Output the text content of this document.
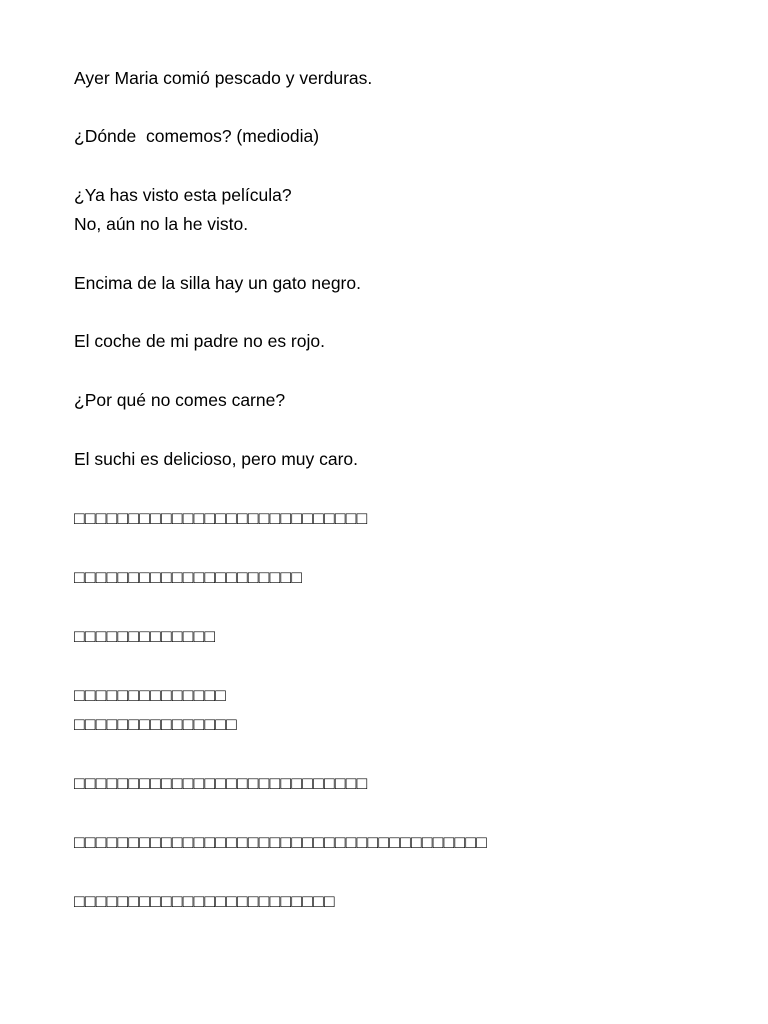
Ayer Maria comió pescado y verduras.
¿Dónde  comemos? (mediodia)
¿Ya has visto esta película?
No, aún no la he visto.
Encima de la silla hay un gato negro.
El coche de mi padre no es rojo.
¿Por qué no comes carne?
El suchi es delicioso, pero muy caro.
□□□□□□□□□□□□□□□□□□□□□□□□□□□
□□□□□□□□□□□□□□□□□□□□□
□□□□□□□□□□□□□
□□□□□□□□□□□□□□
□□□□□□□□□□□□□□□
□□□□□□□□□□□□□□□□□□□□□□□□□□□
□□□□□□□□□□□□□□□□□□□□□□□□□□□□□□□□□□□□□□
□□□□□□□□□□□□□□□□□□□□□□□□
